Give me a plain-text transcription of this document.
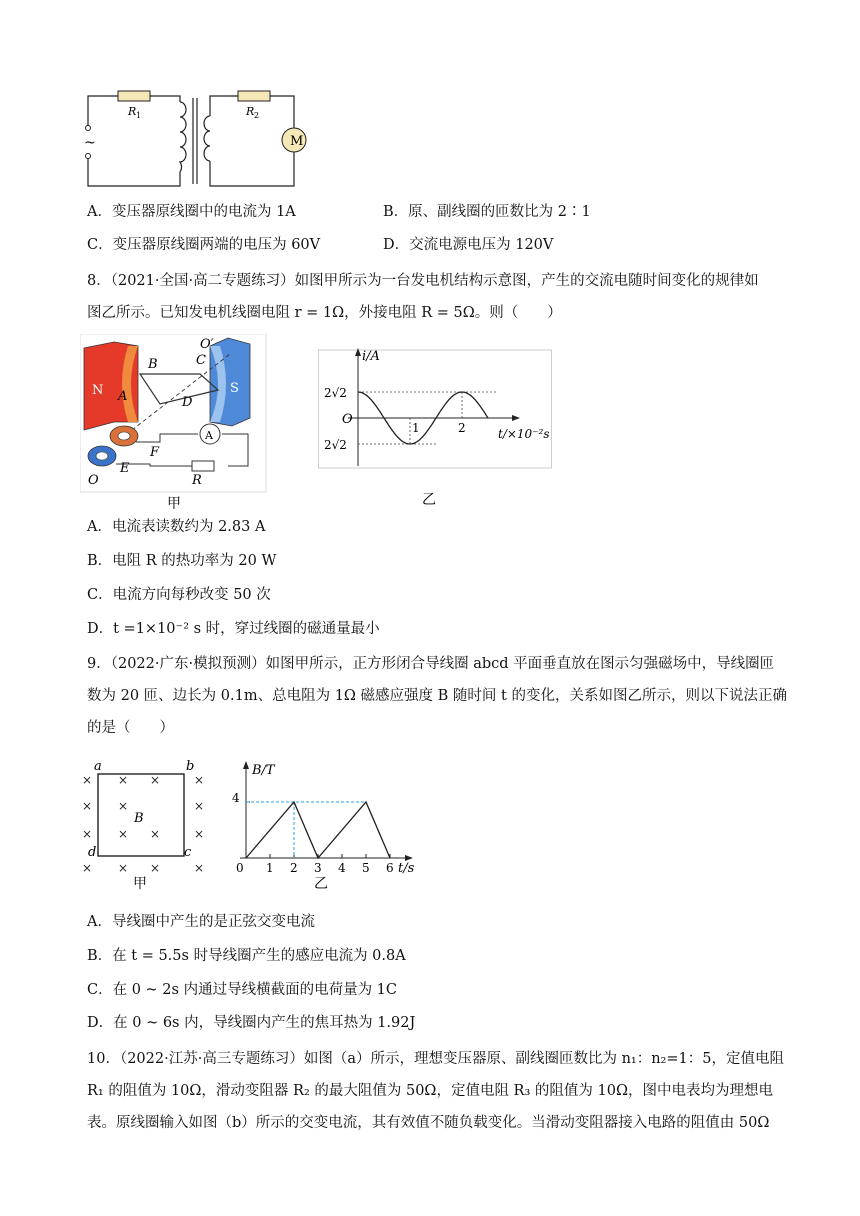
M
~
R 1	R 2
A．变压器原线圈中的电流为 1A	B．原、副线圈的匝数比为 2∶1
C．变压器原线圈两端的电压为 60V	D．交流电源电压为 120V
8．（2021·全国·高二专题练习）如图甲所示为一台发电机结构示意图，产生的交流电随时间变化的规律如
图乙所示。已知发电机线圈电阻 r = 1Ω，外接电阻 R = 5Ω。则（　　）
N	S
A
B	C
D
E
F
O
O′
R
A
甲
i/A
t/×10⁻²s
2√2
2√2
O
1	2
乙
A．电流表读数约为 2.83 A
B．电阻 R 的热功率为 20 W
C．电流方向每秒改变 50 次
D．t =1×10⁻² s 时，穿过线圈的磁通量最小
9．（2022·广东·模拟预测）如图甲所示，正方形闭合导线圈 abcd 平面垂直放在图示匀强磁场中，导线圈匝
数为 20 匝、边长为 0.1m、总电阻为 1Ω 磁感应强度 B 随时间 t 的变化，关系如图乙所示，则以下说法正确
的是（　　）
× × ×	×
× ×	×
× × ×	×
× × ×	×
a	b
c
d
B
甲
B/T
t/s
4
0 1 2 3 4 5 6
乙
A．导线圈中产生的是正弦交变电流
B．在 t = 5.5s 时导线圈产生的感应电流为 0.8A
C．在 0 ~ 2s 内通过导线横截面的电荷量为 1C
D．在 0 ~ 6s 内，导线圈内产生的焦耳热为 1.92J
10．（2022·江苏·高三专题练习）如图（a）所示，理想变压器原、副线圈匝数比为 n₁：n₂=1：5，定值电阻
R₁ 的阻值为 10Ω，滑动变阻器 R₂ 的最大阻值为 50Ω，定值电阻 R₃ 的阻值为 10Ω，图中电表均为理想电
表。原线圈输入如图（b）所示的交变电流，其有效值不随负载变化。当滑动变阻器接入电路的阻值由 50Ω
